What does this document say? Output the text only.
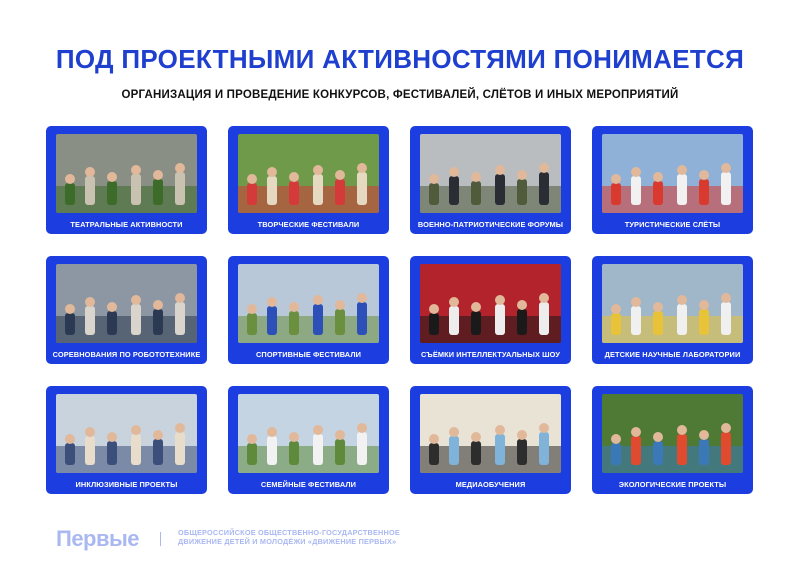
ПОД ПРОЕКТНЫМИ АКТИВНОСТЯМИ ПОНИМАЕТСЯ
ОРГАНИЗАЦИЯ И ПРОВЕДЕНИЕ КОНКУРСОВ, ФЕСТИВАЛЕЙ, СЛЁТОВ И ИНЫХ МЕРОПРИЯТИЙ
ТЕАТРАЛЬНЫЕ АКТИВНОСТИ	ТВОРЧЕСКИЕ ФЕСТИВАЛИ	ВОЕННО-ПАТРИОТИЧЕСКИЕ ФОРУМЫ	ТУРИСТИЧЕСКИЕ СЛЁТЫ
СОРЕВНОВАНИЯ ПО РОБОТОТЕХНИКЕ	СПОРТИВНЫЕ ФЕСТИВАЛИ	СЪЁМКИ ИНТЕЛЛЕКТУАЛЬНЫХ ШОУ	ДЕТСКИЕ НАУЧНЫЕ ЛАБОРАТОРИИ
ИНКЛЮЗИВНЫЕ ПРОЕКТЫ	СЕМЕЙНЫЕ ФЕСТИВАЛИ	МЕДИАОБУЧЕНИЯ	ЭКОЛОГИЧЕСКИЕ ПРОЕКТЫ
Первые	ОБЩЕРОССИЙСКОЕ ОБЩЕСТВЕННО-ГОСУДАРСТВЕННОЕ
ДВИЖЕНИЕ ДЕТЕЙ И МОЛОДЁЖИ «ДВИЖЕНИЕ ПЕРВЫХ»
